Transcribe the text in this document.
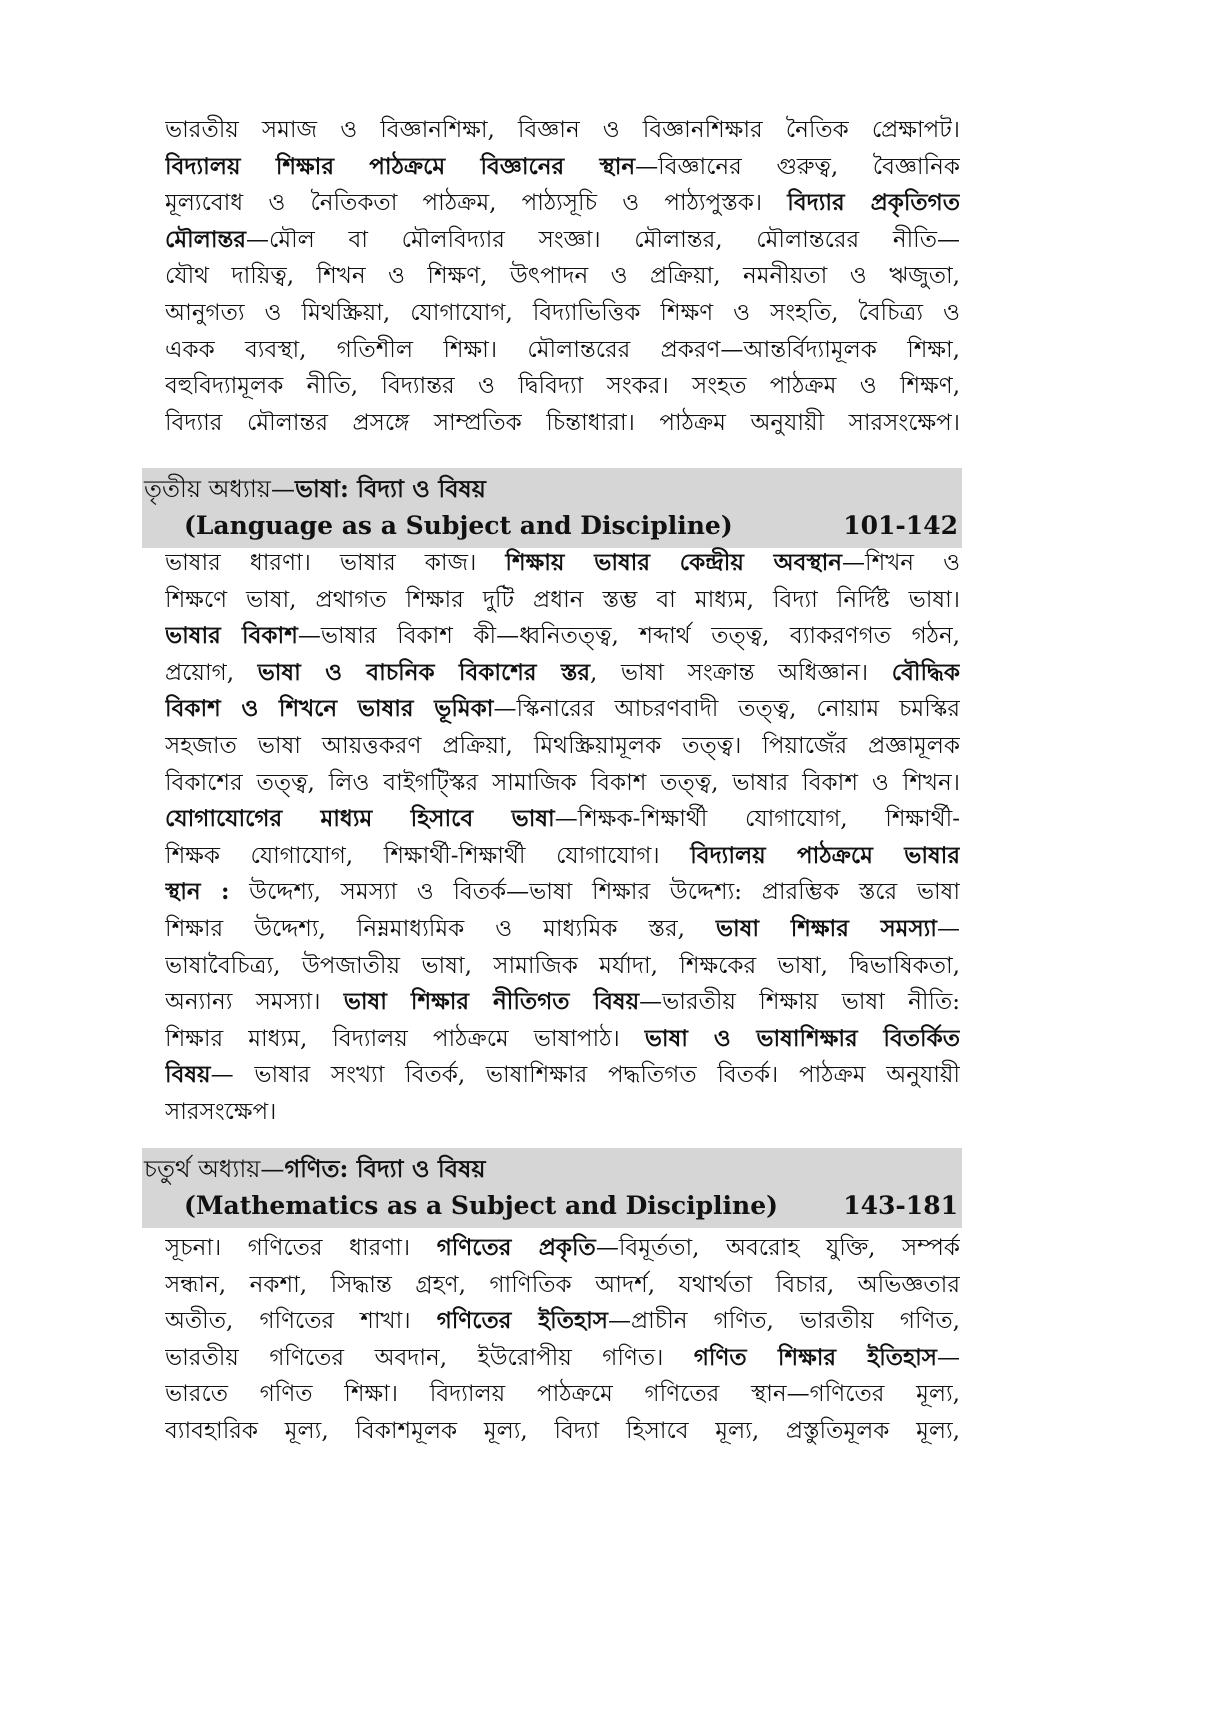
ভারতীয় সমাজ ও বিজ্ঞানশিক্ষা, বিজ্ঞান ও বিজ্ঞানশিক্ষার নৈতিক প্রেক্ষাপট।
বিদ্যালয় শিক্ষার পাঠক্রমে বিজ্ঞানের স্থান—বিজ্ঞানের গুরুত্ব, বৈজ্ঞানিক
মূল্যবোধ ও নৈতিকতা পাঠক্রম, পাঠ্যসূচি ও পাঠ্যপুস্তক। বিদ্যার প্রকৃতিগত
মৌলান্তর—মৌল বা মৌলবিদ্যার সংজ্ঞা। মৌলান্তর, মৌলান্তরের নীতি—
যৌথ দায়িত্ব, শিখন ও শিক্ষণ, উৎপাদন ও প্রক্রিয়া, নমনীয়তা ও ঋজুতা,
আনুগত্য ও মিথস্ক্রিয়া, যোগাযোগ, বিদ্যাভিত্তিক শিক্ষণ ও সংহতি, বৈচিত্র্য ও
একক ব্যবস্থা, গতিশীল শিক্ষা। মৌলান্তরের প্রকরণ—আন্তর্বিদ্যামূলক শিক্ষা,
বহুবিদ্যামূলক নীতি, বিদ্যান্তর ও দ্বিবিদ্যা সংকর। সংহত পাঠক্রম ও শিক্ষণ,
বিদ্যার মৌলান্তর প্রসঙ্গে সাম্প্রতিক চিন্তাধারা। পাঠক্রম অনুযায়ী সারসংক্ষেপ।
তৃতীয় অধ্যায়—ভাষা: বিদ্যা ও বিষয়
(Language as a Subject and Discipline)	101-142
ভাষার ধারণা। ভাষার কাজ। শিক্ষায় ভাষার কেন্দ্রীয় অবস্থান—শিখন ও
শিক্ষণে ভাষা, প্রথাগত শিক্ষার দুটি প্রধান স্তম্ভ বা মাধ্যম, বিদ্যা নির্দিষ্ট ভাষা।
ভাষার বিকাশ—ভাষার বিকাশ কী—ধ্বনিতত্ত্ব, শব্দার্থ তত্ত্ব, ব্যাকরণগত গঠন,
প্রয়োগ, ভাষা ও বাচনিক বিকাশের স্তর, ভাষা সংক্রান্ত অধিজ্ঞান। বৌদ্ধিক
বিকাশ ও শিখনে ভাষার ভূমিকা—স্কিনারের আচরণবাদী তত্ত্ব, নোয়াম চমস্কির
সহজাত ভাষা আয়ত্তকরণ প্রক্রিয়া, মিথস্ক্রিয়ামূলক তত্ত্ব। পিয়াজেঁর প্রজ্ঞামূলক
বিকাশের তত্ত্ব, লিও বাইগট্স্কির সামাজিক বিকাশ তত্ত্ব, ভাষার বিকাশ ও শিখন।
যোগাযোগের মাধ্যম হিসাবে ভাষা—শিক্ষক-শিক্ষার্থী যোগাযোগ, শিক্ষার্থী-
শিক্ষক যোগাযোগ, শিক্ষার্থী-শিক্ষার্থী যোগাযোগ। বিদ্যালয় পাঠক্রমে ভাষার
স্থান : উদ্দেশ্য, সমস্যা ও বিতর্ক—ভাষা শিক্ষার উদ্দেশ্য: প্রারম্ভিক স্তরে ভাষা
শিক্ষার উদ্দেশ্য, নিম্নমাধ্যমিক ও মাধ্যমিক স্তর, ভাষা শিক্ষার সমস্যা—
ভাষাবৈচিত্র্য, উপজাতীয় ভাষা, সামাজিক মর্যাদা, শিক্ষকের ভাষা, দ্বিভাষিকতা,
অন্যান্য সমস্যা। ভাষা শিক্ষার নীতিগত বিষয়—ভারতীয় শিক্ষায় ভাষা নীতি:
শিক্ষার মাধ্যম, বিদ্যালয় পাঠক্রমে ভাষাপাঠ। ভাষা ও ভাষাশিক্ষার বিতর্কিত
বিষয়— ভাষার সংখ্যা বিতর্ক, ভাষাশিক্ষার পদ্ধতিগত বিতর্ক। পাঠক্রম অনুযায়ী
সারসংক্ষেপ।
চতুর্থ অধ্যায়—গণিত: বিদ্যা ও বিষয়
(Mathematics as a Subject and Discipline)	143-181
সূচনা। গণিতের ধারণা। গণিতের প্রকৃতি—বিমূর্ততা, অবরোহ যুক্তি, সম্পর্ক
সন্ধান, নকশা, সিদ্ধান্ত গ্রহণ, গাণিতিক আদর্শ, যথার্থতা বিচার, অভিজ্ঞতার
অতীত, গণিতের শাখা। গণিতের ইতিহাস—প্রাচীন গণিত, ভারতীয় গণিত,
ভারতীয় গণিতের অবদান, ইউরোপীয় গণিত। গণিত শিক্ষার ইতিহাস—
ভারতে গণিত শিক্ষা। বিদ্যালয় পাঠক্রমে গণিতের স্থান—গণিতের মূল্য,
ব্যাবহারিক মূল্য, বিকাশমূলক মূল্য, বিদ্যা হিসাবে মূল্য, প্রস্তুতিমূলক মূল্য,
